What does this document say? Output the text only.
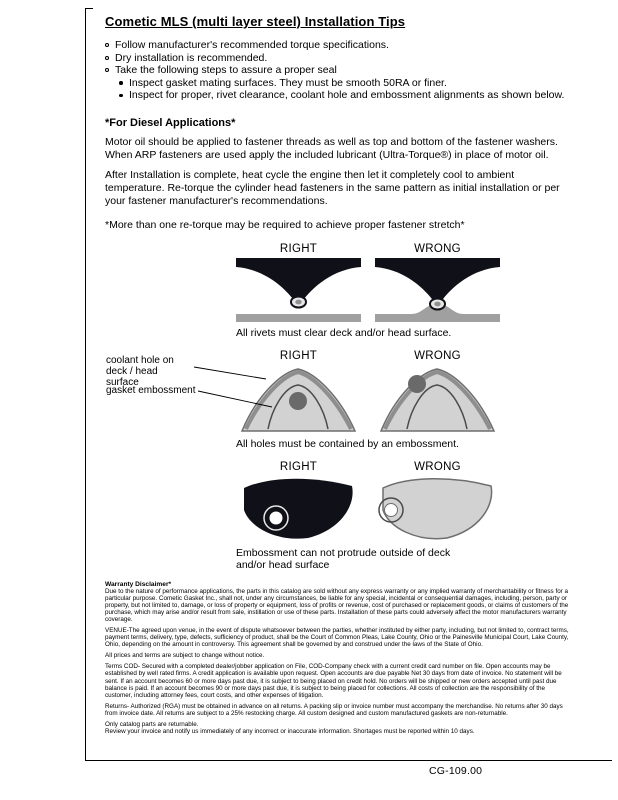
Cometic MLS (multi layer steel) Installation Tips
Follow manufacturer's recommended torque specifications.
Dry installation is recommended.
Take the following steps to assure a proper seal
Inspect gasket mating surfaces. They must be smooth 50RA or finer.
Inspect for proper, rivet clearance, coolant hole and embossment alignments as shown below.
*For Diesel Applications*

Motor oil should be applied to fastener threads as well as top and bottom of the fastener washers. When ARP fasteners are used apply the included lubricant (Ultra-Torque®) in place of motor oil.

After Installation is complete, heat cycle the engine then let it completely cool to ambient temperature. Re-torque the cylinder head fasteners in the same pattern as initial installation or per your fastener manufacturer's recommendations.

*More than one re-torque may be required to achieve proper fastener stretch*

RIGHT	WRONG
All rivets must clear deck and/or head surface.
RIGHT	WRONG
coolant hole on deck / head surface
gasket embossment
All holes must be contained by an embossment.
RIGHT	WRONG
Embossment can not protrude outside of deck and/or head surface
Warranty Disclaimer*

Due to the nature of performance applications, the parts in this catalog are sold without any express warranty or any implied warranty of merchantability or fitness for a particular purpose. Cometic Gasket Inc., shall not, under any circumstances, be liable for any special, incidental or consequential damages, including, person, party or property, but not limited to, damage, or loss of property or equipment, loss of profits or revenue, cost of purchased or replacement goods, or claims of customers of the purchase, which may arise and/or result from sale, instillation or use of these parts. Installation of these parts could adversely affect the motor manufacturers warranty coverage.

VENUE-The agreed upon venue, in the event of dispute whatsoever between the parties, whether instituted by either party, including, but not limited to, contract terms, payment terms, delivery, type, defects, sufficiency of product, shall be the Court of Common Pleas, Lake County, Ohio or the Painesville Municipal Court, Lake County, Ohio, depending on the amount in controversy. This agreement shall be governed by and construed under the laws of the State of Ohio.

All prices and terms are subject to change without notice.

Terms COD- Secured with a completed dealer/jobber application on File, COD-Company check with a current credit card number on file. Open accounts may be established by well rated firms. A credit application is available upon request. Open accounts are due payable Net 30 days from date of invoice. No statement will be sent. If an account becomes 60 or more days past due, it is subject to being placed on credit hold. No orders will be shipped or new orders accepted until past due balance is paid. If an account becomes 90 or more days past due, it is subject to being placed for collections. All costs of collection are the responsibility of the customer, including attorney fees, court costs, and other expenses of litigation.

Returns- Authorized (RGA) must be obtained in advance on all returns. A packing slip or invoice number must accompany the merchandise. No returns after 30 days from invoice date. All returns are subject to a 25% restocking charge. All custom designed and custom manufactured gaskets are non-returnable.

Only catalog parts are returnable.

Review your invoice and notify us immediately of any incorrect or inaccurate information. Shortages must be reported within 10 days.

CG-109.00
